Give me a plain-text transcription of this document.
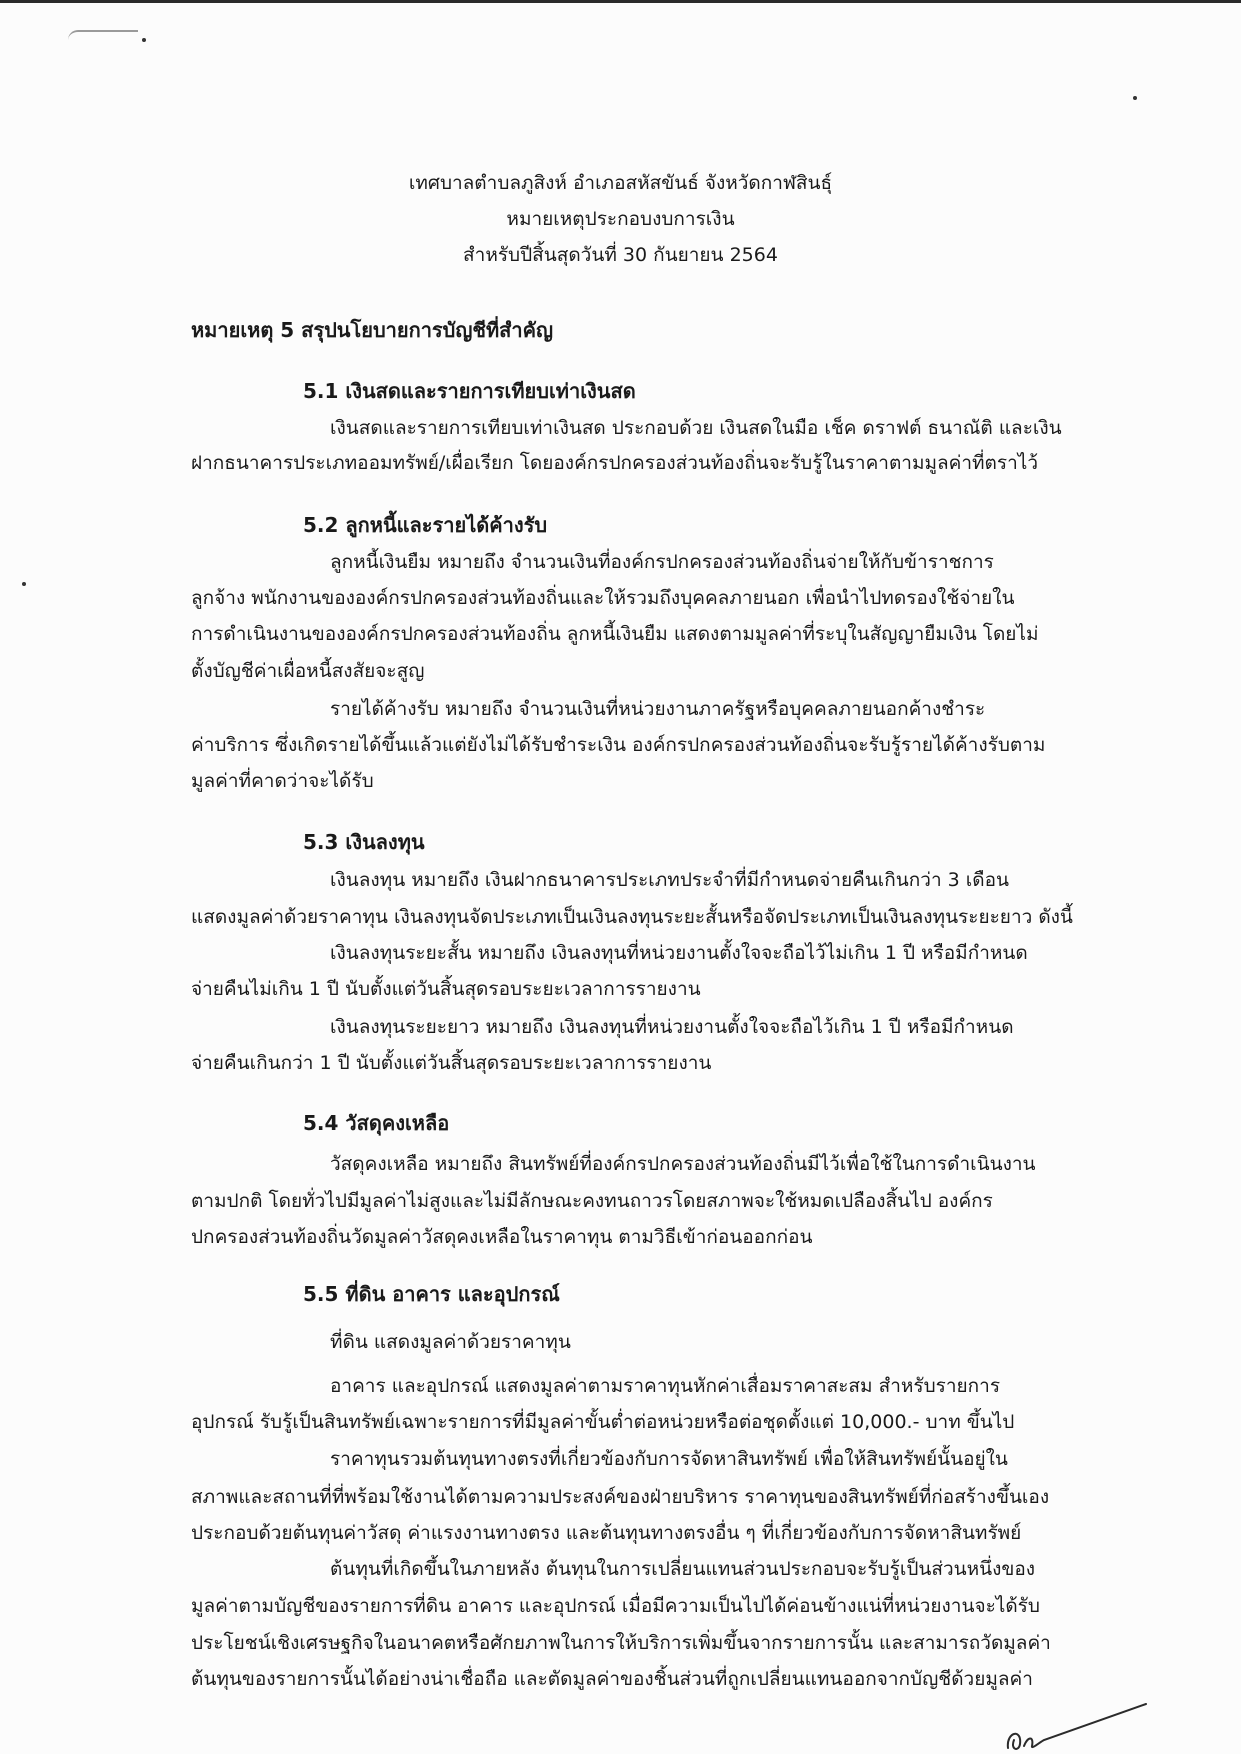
เทศบาลตำบลภูสิงห์ อำเภอสหัสขันธ์ จังหวัดกาฬสินธุ์
หมายเหตุประกอบงบการเงิน
สำหรับปีสิ้นสุดวันที่ 30 กันยายน 2564
หมายเหตุ 5 สรุปนโยบายการบัญชีที่สำคัญ
5.1 เงินสดและรายการเทียบเท่าเงินสด
เงินสดและรายการเทียบเท่าเงินสด ประกอบด้วย เงินสดในมือ เช็ค ดราฟต์ ธนาณัติ และเงิน
ฝากธนาคารประเภทออมทรัพย์/เผื่อเรียก โดยองค์กรปกครองส่วนท้องถิ่นจะรับรู้ในราคาตามมูลค่าที่ตราไว้
5.2 ลูกหนี้และรายได้ค้างรับ
ลูกหนี้เงินยืม หมายถึง จำนวนเงินที่องค์กรปกครองส่วนท้องถิ่นจ่ายให้กับข้าราชการ
ลูกจ้าง พนักงานขององค์กรปกครองส่วนท้องถิ่นและให้รวมถึงบุคคลภายนอก เพื่อนำไปทดรองใช้จ่ายใน
การดำเนินงานขององค์กรปกครองส่วนท้องถิ่น ลูกหนี้เงินยืม แสดงตามมูลค่าที่ระบุในสัญญายืมเงิน โดยไม่
ตั้งบัญชีค่าเผื่อหนี้สงสัยจะสูญ
รายได้ค้างรับ หมายถึง จำนวนเงินที่หน่วยงานภาครัฐหรือบุคคลภายนอกค้างชำระ
ค่าบริการ ซึ่งเกิดรายได้ขึ้นแล้วแต่ยังไม่ได้รับชำระเงิน องค์กรปกครองส่วนท้องถิ่นจะรับรู้รายได้ค้างรับตาม
มูลค่าที่คาดว่าจะได้รับ
5.3 เงินลงทุน
เงินลงทุน หมายถึง เงินฝากธนาคารประเภทประจำที่มีกำหนดจ่ายคืนเกินกว่า 3 เดือน
แสดงมูลค่าด้วยราคาทุน เงินลงทุนจัดประเภทเป็นเงินลงทุนระยะสั้นหรือจัดประเภทเป็นเงินลงทุนระยะยาว ดังนี้
เงินลงทุนระยะสั้น หมายถึง เงินลงทุนที่หน่วยงานตั้งใจจะถือไว้ไม่เกิน 1 ปี หรือมีกำหนด
จ่ายคืนไม่เกิน 1 ปี นับตั้งแต่วันสิ้นสุดรอบระยะเวลาการรายงาน
เงินลงทุนระยะยาว หมายถึง เงินลงทุนที่หน่วยงานตั้งใจจะถือไว้เกิน 1 ปี หรือมีกำหนด
จ่ายคืนเกินกว่า 1 ปี นับตั้งแต่วันสิ้นสุดรอบระยะเวลาการรายงาน
5.4 วัสดุคงเหลือ
วัสดุคงเหลือ หมายถึง สินทรัพย์ที่องค์กรปกครองส่วนท้องถิ่นมีไว้เพื่อใช้ในการดำเนินงาน
ตามปกติ โดยทั่วไปมีมูลค่าไม่สูงและไม่มีลักษณะคงทนถาวรโดยสภาพจะใช้หมดเปลืองสิ้นไป องค์กร
ปกครองส่วนท้องถิ่นวัดมูลค่าวัสดุคงเหลือในราคาทุน ตามวิธีเข้าก่อนออกก่อน
5.5 ที่ดิน อาคาร และอุปกรณ์
ที่ดิน แสดงมูลค่าด้วยราคาทุน
อาคาร และอุปกรณ์ แสดงมูลค่าตามราคาทุนหักค่าเสื่อมราคาสะสม สำหรับรายการ
อุปกรณ์ รับรู้เป็นสินทรัพย์เฉพาะรายการที่มีมูลค่าขั้นต่ำต่อหน่วยหรือต่อชุดตั้งแต่ 10,000.- บาท ขึ้นไป
ราคาทุนรวมต้นทุนทางตรงที่เกี่ยวข้องกับการจัดหาสินทรัพย์ เพื่อให้สินทรัพย์นั้นอยู่ใน
สภาพและสถานที่ที่พร้อมใช้งานได้ตามความประสงค์ของฝ่ายบริหาร ราคาทุนของสินทรัพย์ที่ก่อสร้างขึ้นเอง
ประกอบด้วยต้นทุนค่าวัสดุ ค่าแรงงานทางตรง และต้นทุนทางตรงอื่น ๆ ที่เกี่ยวข้องกับการจัดหาสินทรัพย์
ต้นทุนที่เกิดขึ้นในภายหลัง ต้นทุนในการเปลี่ยนแทนส่วนประกอบจะรับรู้เป็นส่วนหนึ่งของ
มูลค่าตามบัญชีของรายการที่ดิน อาคาร และอุปกรณ์ เมื่อมีความเป็นไปได้ค่อนข้างแน่ที่หน่วยงานจะได้รับ
ประโยชน์เชิงเศรษฐกิจในอนาคตหรือศักยภาพในการให้บริการเพิ่มขึ้นจากรายการนั้น และสามารถวัดมูลค่า
ต้นทุนของรายการนั้นได้อย่างน่าเชื่อถือ และตัดมูลค่าของชิ้นส่วนที่ถูกเปลี่ยนแทนออกจากบัญชีด้วยมูลค่า
